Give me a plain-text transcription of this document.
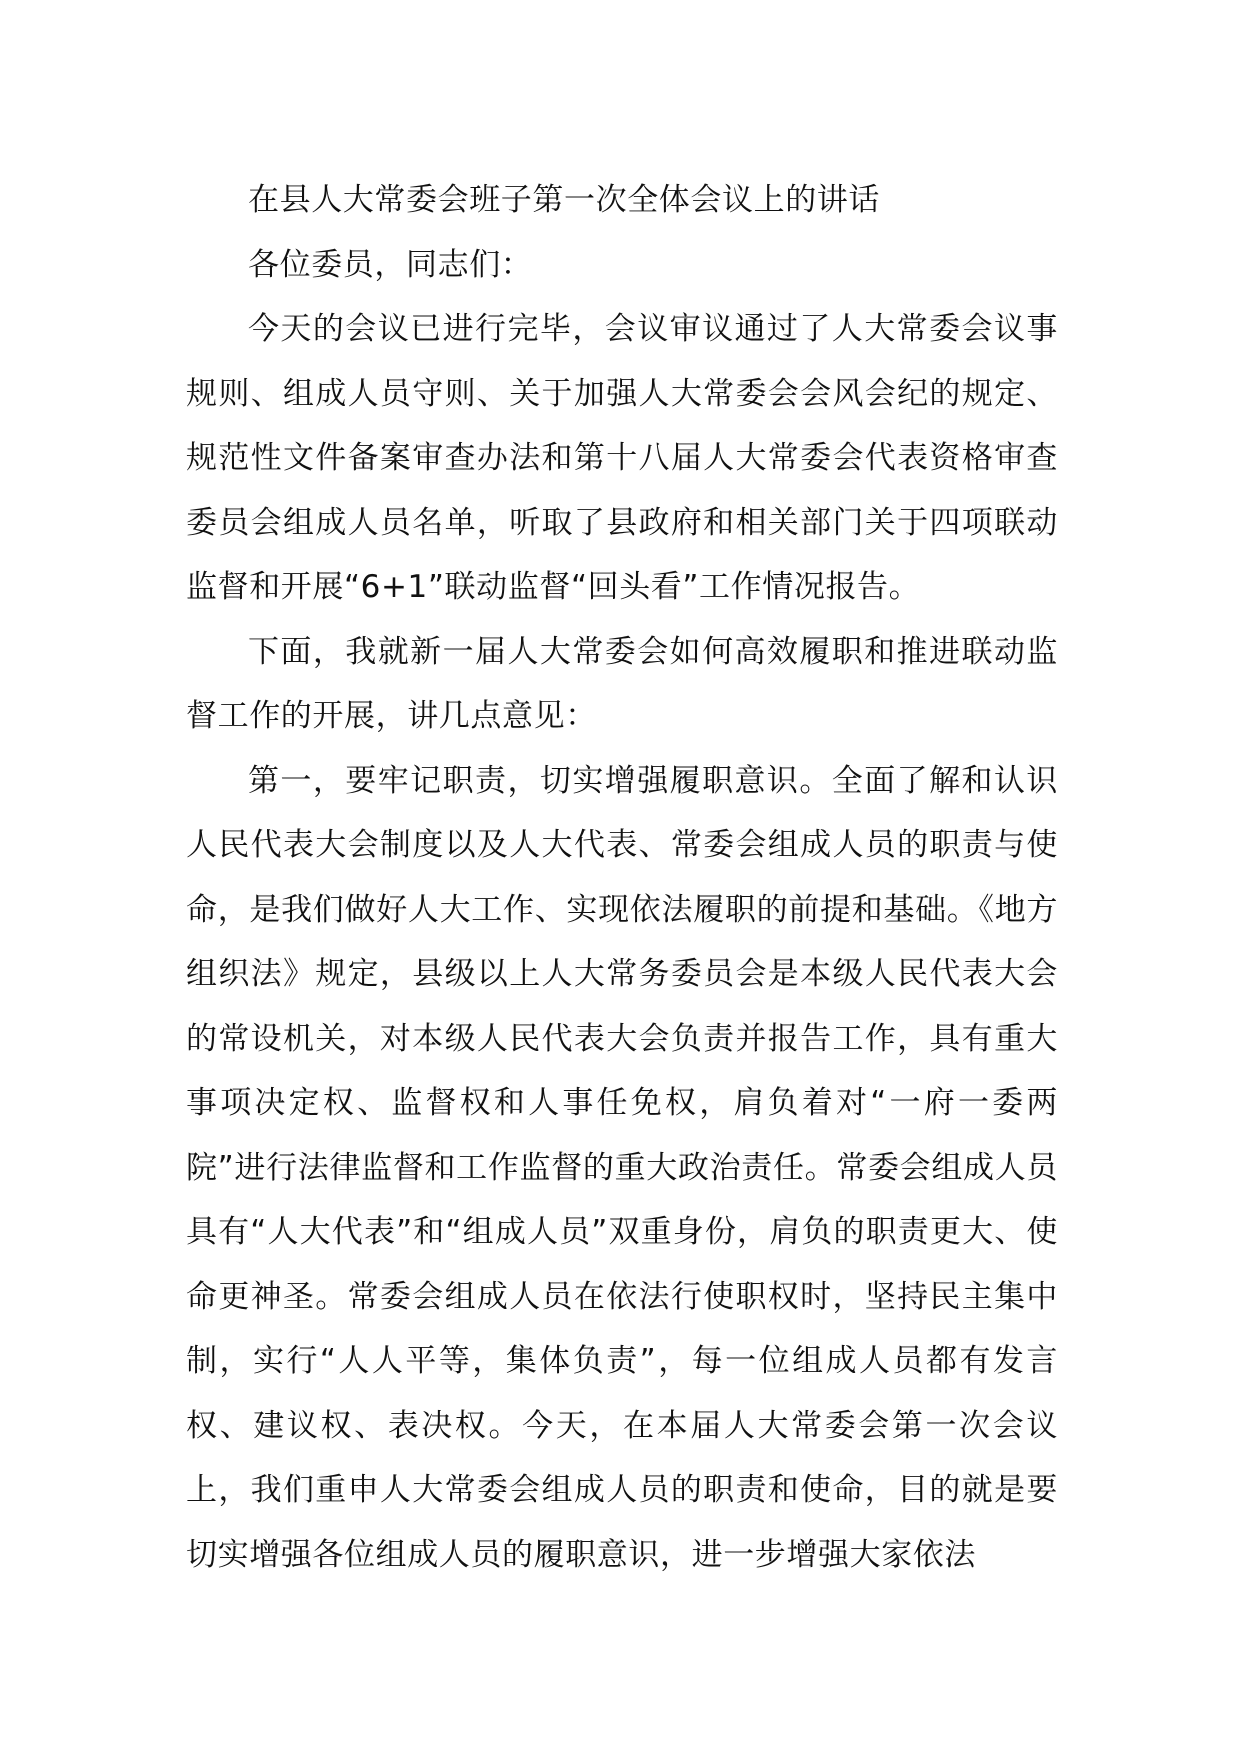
在县人大常委会班子第一次全体会议上的讲话

各位委员，同志们：

今天的会议已进行完毕，会议审议通过了人大常委会议事规则、组成人员守则、关于加强人大常委会会风会纪的规定、规范性文件备案审查办法和第十八届人大常委会代表资格审查委员会组成人员名单，听取了县政府和相关部门关于四项联动监督和开展“6+1”联动监督“回头看”工作情况报告。

下面，我就新一届人大常委会如何高效履职和推进联动监督工作的开展，讲几点意见：

第一，要牢记职责，切实增强履职意识。全面了解和认识人民代表大会制度以及人大代表、常委会组成人员的职责与使命，是我们做好人大工作、实现依法履职的前提和基础。《地方组织法》规定，县级以上人大常务委员会是本级人民代表大会的常设机关，对本级人民代表大会负责并报告工作，具有重大事项决定权、监督权和人事任免权，肩负着对“一府一委两院”进行法律监督和工作监督的重大政治责任。常委会组成人员具有“人大代表”和“组成人员”双重身份，肩负的职责更大、使命更神圣。常委会组成人员在依法行使职权时，坚持民主集中制，实行“人人平等，集体负责”，每一位组成人员都有发言权、建议权、表决权。今天，在本届人大常委会第一次会议上，我们重申人大常委会组成人员的职责和使命，目的就是要切实增强各位组成人员的履职意识，进一步增强大家依法
